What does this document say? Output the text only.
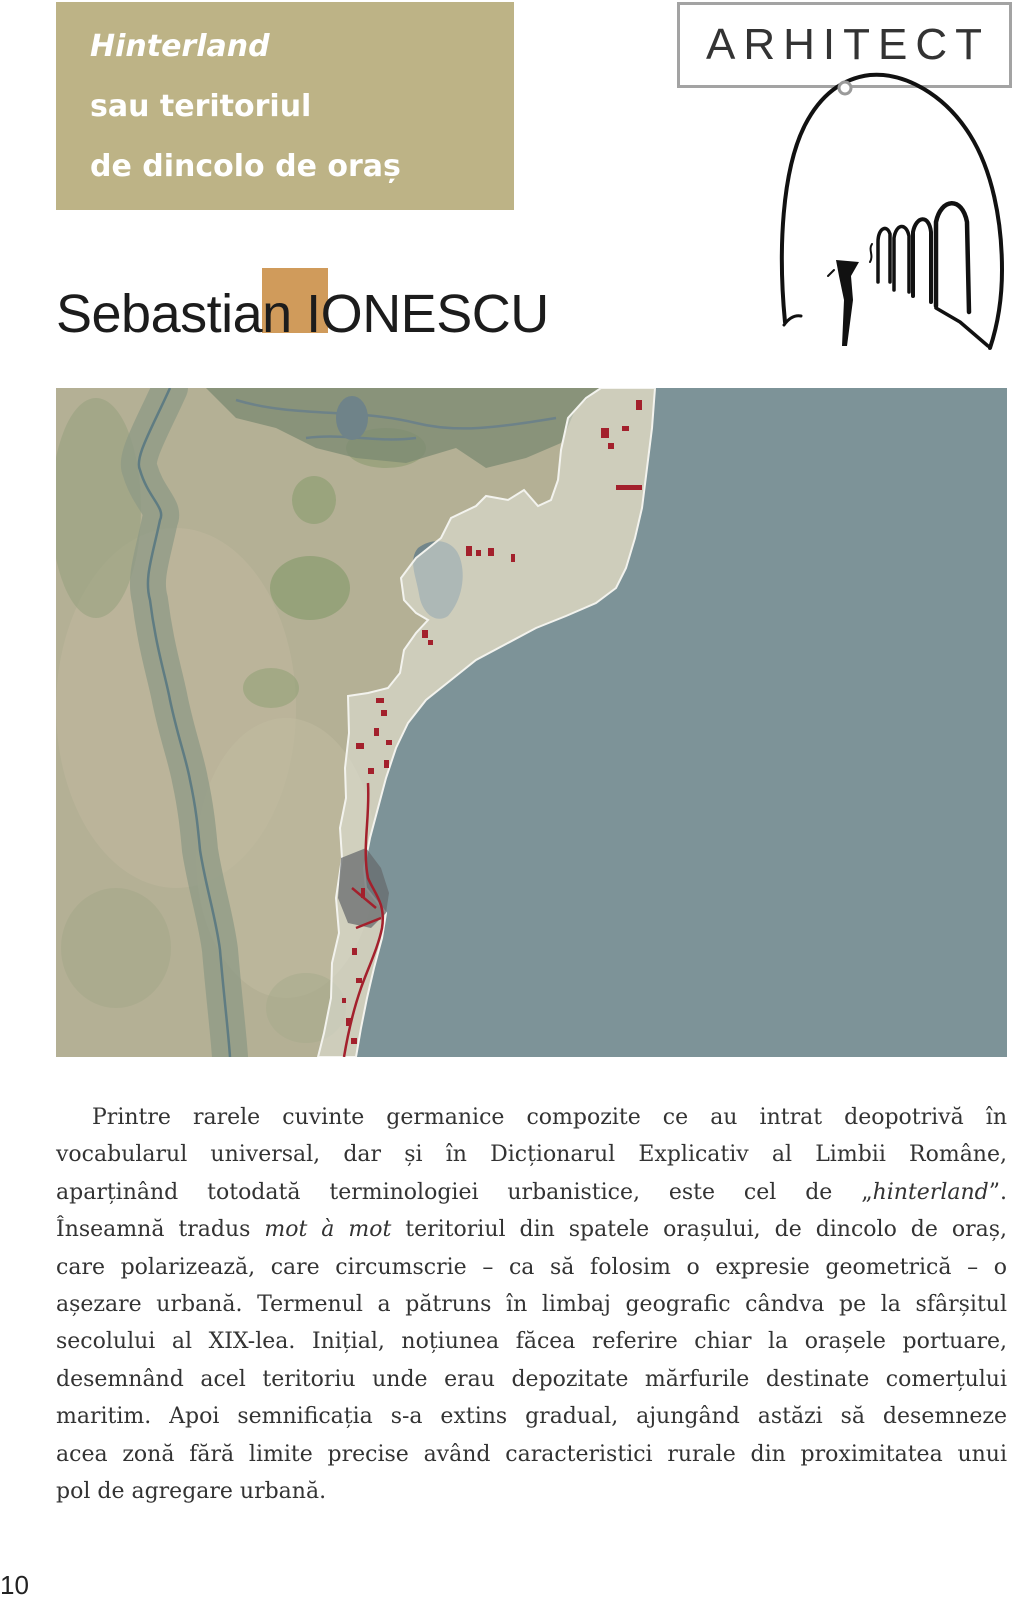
Hinterland
sau teritoriul
de dincolo de oraș
ARHITECT
Sebastian IONESCU
Printre rarele cuvinte germanice compozite ce au intrat deopotrivă în
vocabularul universal, dar și în Dicționarul Explicativ al Limbii Române,
aparținând totodată terminologiei urbanistice, este cel de „hinterland”.
Înseamnă tradus mot à mot teritoriul din spatele orașului, de dincolo de oraș,
care polarizează, care circumscrie – ca să folosim o expresie geometrică – o
așezare urbană. Termenul a pătruns în limbaj geografic cândva pe la sfârșitul
secolului al XIX-lea. Inițial, noțiunea făcea referire chiar la orașele portuare,
desemnând acel teritoriu unde erau depozitate mărfurile destinate comerțului
maritim. Apoi semnificația s-a extins gradual, ajungând astăzi să desemneze
acea zonă fără limite precise având caracteristici rurale din proximitatea unui
pol de agregare urbană.
10
